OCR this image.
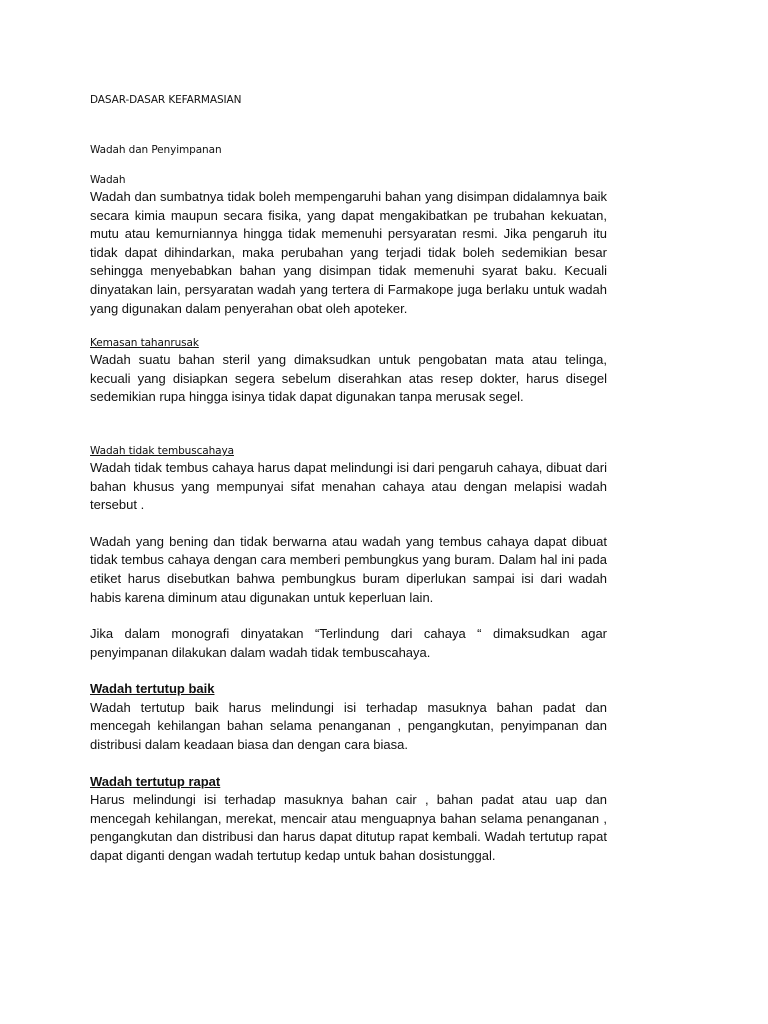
DASAR-DASAR KEFARMASIAN
Wadah dan Penyimpanan
Wadah

Wadah dan sumbatnya tidak boleh mempengaruhi bahan yang disimpan didalamnya baik secara kimia maupun secara fisika, yang dapat mengakibatkan pe trubahan kekuatan, mutu atau kemurniannya hingga tidak memenuhi persyaratan resmi. Jika pengaruh itu tidak dapat dihindarkan, maka perubahan yang terjadi tidak boleh sedemikian besar sehingga menyebabkan bahan yang disimpan tidak memenuhi syarat baku. Kecuali dinyatakan lain, persyaratan wadah yang tertera di Farmakope juga berlaku untuk wadah yang digunakan dalam penyerahan obat oleh apoteker.

Kemasan tahanrusak

Wadah suatu bahan steril yang dimaksudkan untuk pengobatan mata atau telinga, kecuali yang disiapkan segera sebelum diserahkan atas resep dokter, harus disegel sedemikian rupa hingga isinya tidak dapat digunakan tanpa merusak segel.

Wadah tidak tembuscahaya

Wadah tidak tembus cahaya harus dapat melindungi isi dari pengaruh cahaya, dibuat dari bahan khusus yang mempunyai sifat menahan cahaya atau dengan melapisi wadah tersebut .

Wadah yang bening dan tidak berwarna atau wadah yang tembus cahaya dapat dibuat tidak tembus cahaya dengan cara memberi pembungkus yang buram. Dalam hal ini pada etiket harus disebutkan bahwa pembungkus buram diperlukan sampai isi dari wadah habis karena diminum atau digunakan untuk keperluan lain.

Jika dalam monografi dinyatakan “Terlindung dari cahaya “ dimaksudkan agar penyimpanan dilakukan dalam wadah tidak tembuscahaya.

Wadah tertutup baik

Wadah tertutup baik harus melindungi isi terhadap masuknya bahan padat dan mencegah kehilangan bahan selama penanganan , pengangkutan, penyimpanan dan distribusi dalam keadaan biasa dan dengan cara biasa.

Wadah tertutup rapat

Harus melindungi isi terhadap masuknya bahan cair , bahan padat atau uap dan mencegah kehilangan, merekat, mencair atau menguapnya bahan selama penanganan , pengangkutan dan distribusi dan harus dapat ditutup rapat kembali. Wadah tertutup rapat dapat diganti dengan wadah tertutup kedap untuk bahan dosistunggal.
